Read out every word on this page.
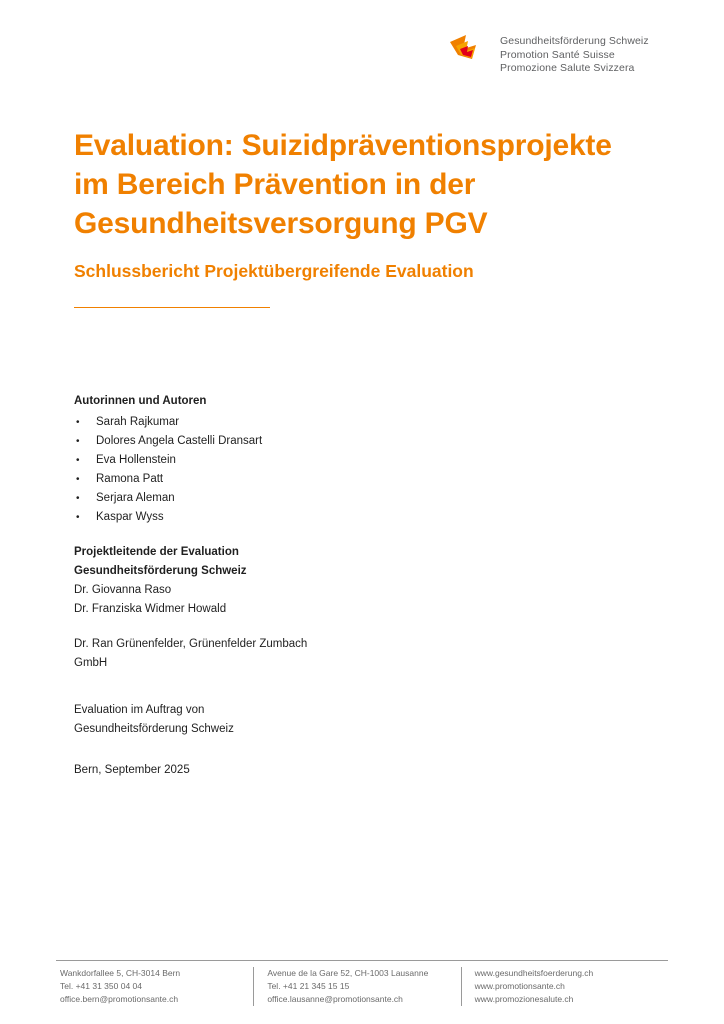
Gesundheitsförderung Schweiz
Promotion Santé Suisse
Promozione Salute Svizzera
Evaluation: Suizidpräventionsprojekte im Bereich Prävention in der Gesundheitsversorgung PGV
Schlussbericht Projektübergreifende Evaluation
Autorinnen und Autoren
• Sarah Rajkumar
• Dolores Angela Castelli Dransart
• Eva Hollenstein
• Ramona Patt
• Serjara Aleman
• Kaspar Wyss
Projektleitende der Evaluation
Gesundheitsförderung Schweiz
Dr. Giovanna Raso
Dr. Franziska Widmer Howald
Dr. Ran Grünenfelder, Grünenfelder Zumbach
GmbH
Evaluation im Auftrag von
Gesundheitsförderung Schweiz
Bern, September 2025
Wankdorfallee 5, CH-3014 Bern
Tel. +41 31 350 04 04
office.bern@promotionsante.ch
Avenue de la Gare 52, CH-1003 Lausanne
Tel. +41 21 345 15 15
office.lausanne@promotionsante.ch
www.gesundheitsfoerderung.ch
www.promotionsante.ch
www.promozionesalute.ch
